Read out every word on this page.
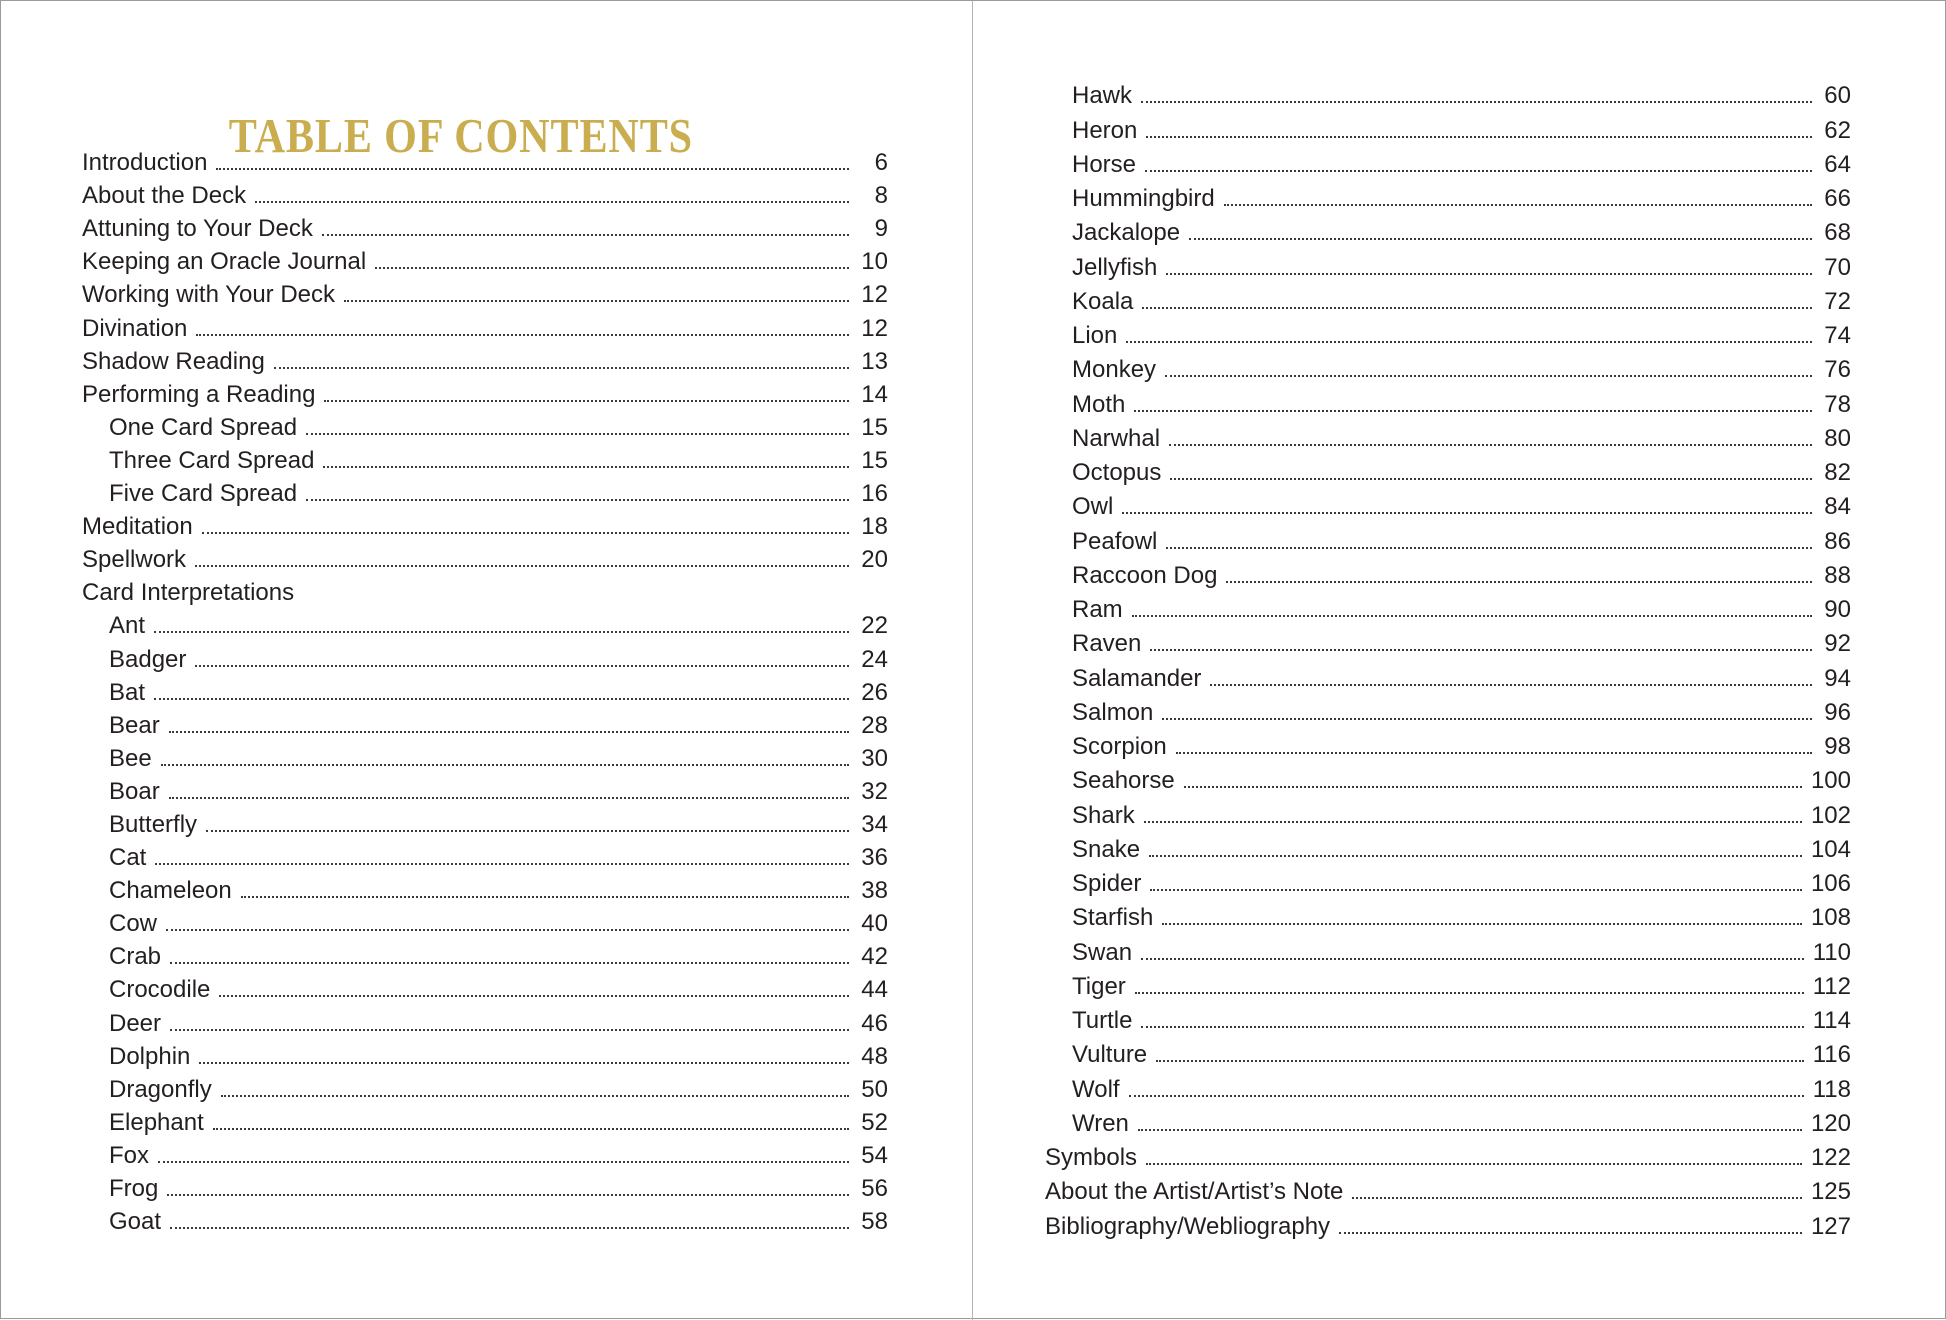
TABLE OF CONTENTS
Introduction	6
About the Deck	8
Attuning to Your Deck	9
Keeping an Oracle Journal	10
Working with Your Deck	12
Divination	12
Shadow Reading	13
Performing a Reading	14
One Card Spread	15
Three Card Spread	15
Five Card Spread	16
Meditation	18
Spellwork	20
Card Interpretations
Ant	22
Badger	24
Bat	26
Bear	28
Bee	30
Boar	32
Butterfly	34
Cat	36
Chameleon	38
Cow	40
Crab	42
Crocodile	44
Deer	46
Dolphin	48
Dragonfly	50
Elephant	52
Fox	54
Frog	56
Goat	58
Hawk	60
Heron	62
Horse	64
Hummingbird	66
Jackalope	68
Jellyfish	70
Koala	72
Lion	74
Monkey	76
Moth	78
Narwhal	80
Octopus	82
Owl	84
Peafowl	86
Raccoon Dog	88
Ram	90
Raven	92
Salamander	94
Salmon	96
Scorpion	98
Seahorse	100
Shark	102
Snake	104
Spider	106
Starfish	108
Swan	110
Tiger	112
Turtle	114
Vulture	116
Wolf	118
Wren	120
Symbols	122
About the Artist/Artist’s Note	125
Bibliography/Webliography	127
